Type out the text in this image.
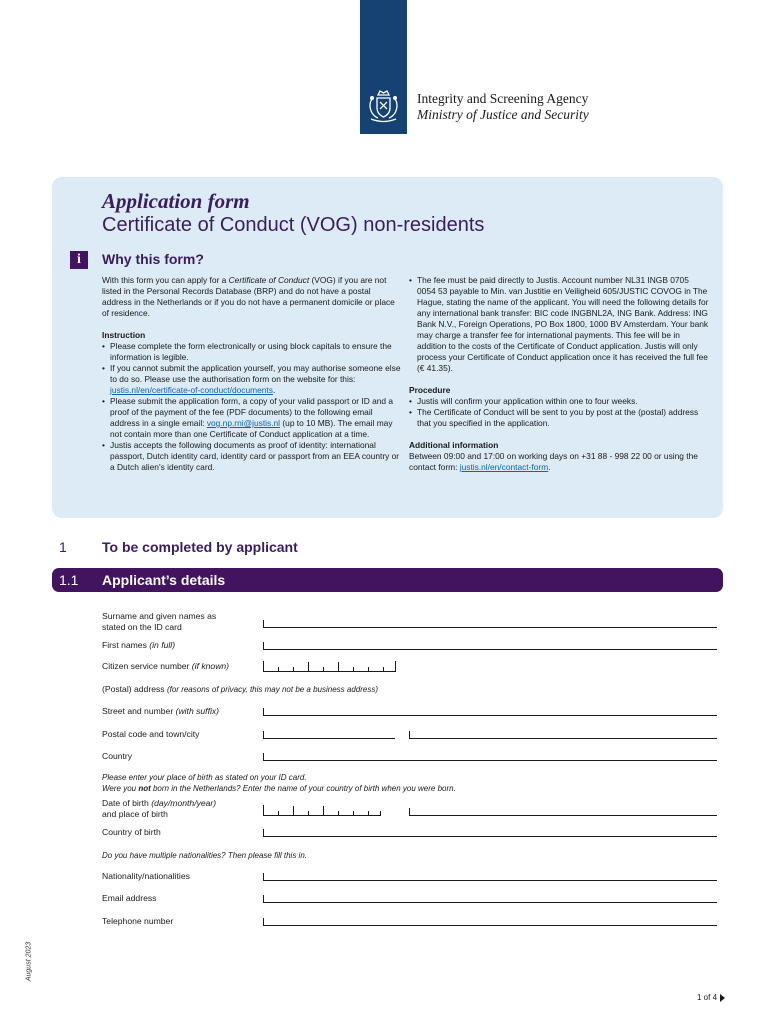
Integrity and Screening Agency
Ministry of Justice and Security
Application form
Certificate of Conduct (VOG) non-residents
i	Why this form?

With this form you can apply for a Certificate of Conduct (VOG) if you are not listed in the Personal Records Database (BRP) and do not have a postal address in the Netherlands or if you do not have a permanent domicile or place of residence.

Instruction

• Please complete the form electronically or using block capitals to ensure the information is legible.
• If you cannot submit the application yourself, you may authorise someone else to do so. Please use the authorisation form on the website for this: justis.nl/en/certificate-of-conduct/documents.
• Please submit the application form, a copy of your valid passport or ID and a proof of the payment of the fee (PDF documents) to the following email address in a single email: vog.np.rni@justis.nl (up to 10 MB). The email may not contain more than one Certificate of Conduct application at a time.
• Justis accepts the following documents as proof of identity: international passport, Dutch identity card, identity card or passport from an EEA country or a Dutch alien’s identity card.
• The fee must be paid directly to Justis. Account number NL31 INGB 0705 0054 53 payable to Min. van Justitie en Veiligheid 605/JUSTIC COVOG in The Hague, stating the name of the applicant. You will need the following details for any international bank transfer: BIC code INGBNL2A, ING Bank. Address: ING Bank N.V., Foreign Operations, PO Box 1800, 1000 BV Amsterdam. Your bank may charge a transfer fee for international payments. This fee will be in addition to the costs of the Certificate of Conduct application. Justis will only process your Certificate of Conduct application once it has received the full fee (€ 41.35).

Procedure

• Justis will confirm your application within one to four weeks.
• The Certificate of Conduct will be sent to you by post at the (postal) address that you specified in the application.

Additional information

Between 09:00 and 17:00 on working days on +31 88 - 998 22 00 or using the contact form: justis.nl/en/contact-form.

1	To be completed by applicant
1.1 Applicant’s details
Surname and given names as
stated on the ID card
First names (in full)
Citizen service number (if known)
(Postal) address (for reasons of privacy, this may not be a business address)
Street and number (with suffix)
Postal code and town/city
Country
Please enter your place of birth as stated on your ID card.
Were you not born in the Netherlands? Enter the name of your country of birth when you were born.
Date of birth (day/month/year)
and place of birth
Country of birth
Do you have multiple nationalities? Then please fill this in.
Nationality/nationalities
Email address
Telephone number
August 2023
1 of 4
